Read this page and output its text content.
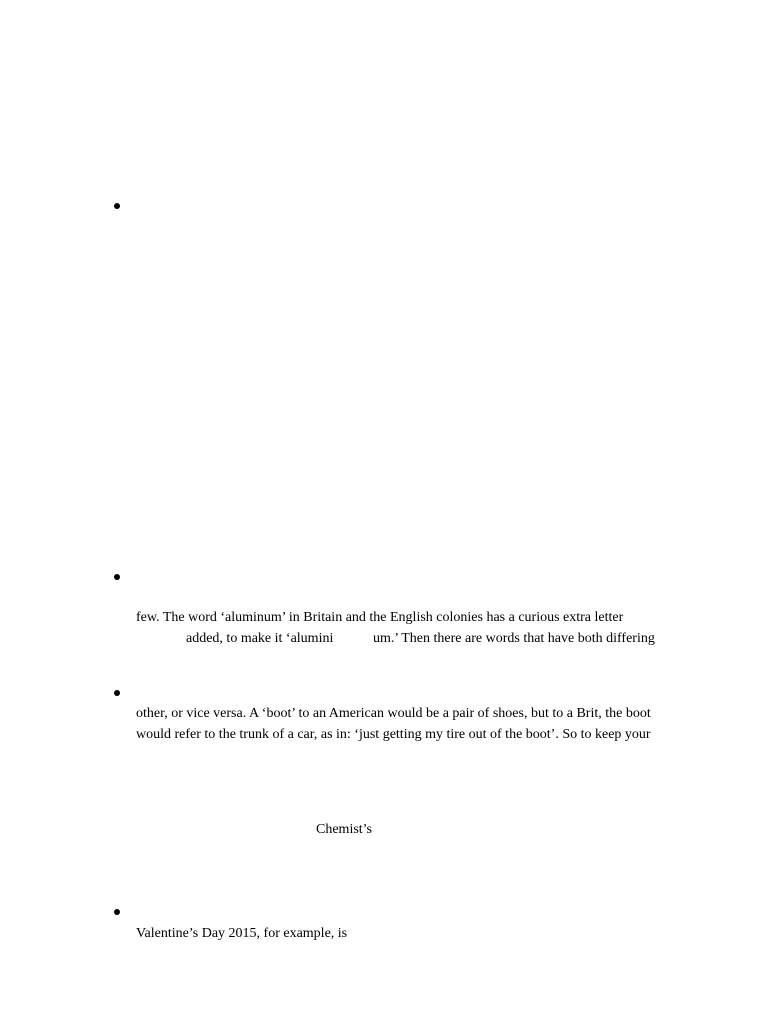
few. The word ‘aluminum’ in Britain and the English colonies has a curious extra letter
added, to make it ‘alumini	um.’ Then there are words that have both differing
other, or vice versa. A ‘boot’ to an American would be a pair of shoes, but to a Brit, the boot
would refer to the trunk of a car, as in: ‘just getting my tire out of the boot’. So to keep your
Chemist’s
Valentine’s Day 2015, for example, is
